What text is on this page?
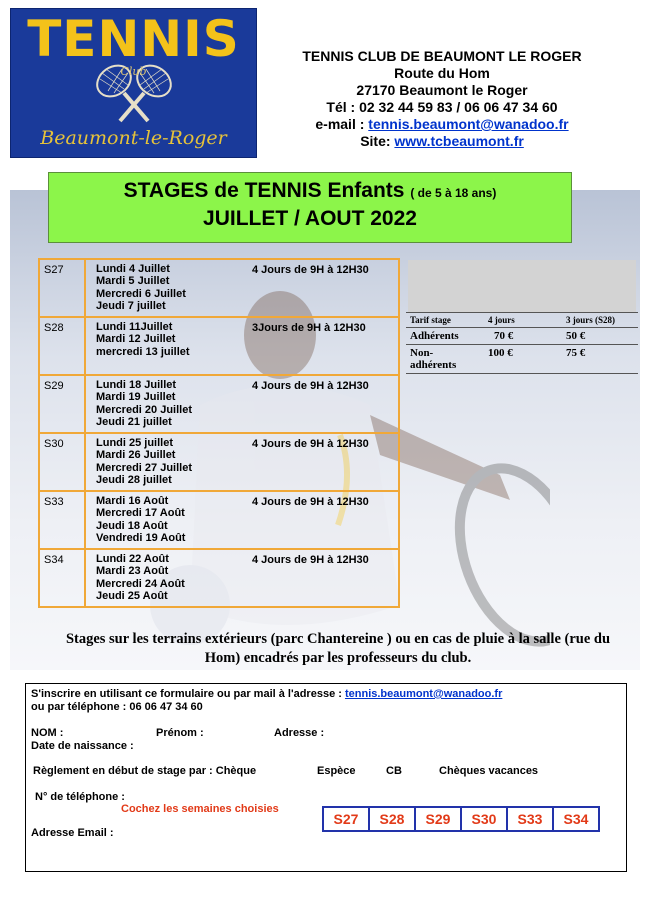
TENNIS
Club
Beaumont-le-Roger
TENNIS CLUB DE BEAUMONT LE ROGER
Route du Hom
27170 Beaumont le Roger
Tél : 02 32 44 59 83 / 06 06 47 34 60
e-mail : tennis.beaumont@wanadoo.fr
Site: www.tcbeaumont.fr
STAGES de TENNIS Enfants ( de 5 à 18 ans)
JUILLET / AOUT 2022
S27	Lundi 4 Juillet
Mardi 5 Juillet
Mercredi 6 Juillet
Jeudi 7 juillet	4 Jours de 9H à 12H30
S28	Lundi 11Juillet
Mardi 12 Juillet
mercredi 13 juillet	3Jours de 9H à 12H30
S29	Lundi 18 Juillet
Mardi 19 Juillet
Mercredi 20 Juillet
Jeudi 21 juillet	4 Jours de 9H à 12H30
S30	Lundi 25 juillet
Mardi 26 Juillet
Mercredi 27 Juillet
Jeudi 28 juillet	4 Jours de 9H à 12H30
S33	Mardi 16 Août
Mercredi 17 Août
Jeudi 18 Août
Vendredi 19 Août	4 Jours de 9H à 12H30
S34	Lundi 22 Août
Mardi 23 Août
Mercredi 24 Août
Jeudi 25 Août	4 Jours de 9H à 12H30
Tarif stage	4 jours	3 jours (S28)
Adhérents	70 €	50 €
Non-
adhérents	100 €	75 €
Stages sur les terrains extérieurs (parc Chantereine ) ou en cas de pluie à la salle (rue du Hom) encadrés par les professeurs du club.
S'inscrire en utilisant ce formulaire ou par mail à l'adresse : tennis.beaumont@wanadoo.fr
ou par téléphone : 06 06 47 34 60
NOM :	Prénom :	Adresse :
Date de naissance :
Règlement en début de stage par : Chèque	Espèce	CB	Chèques vacances
N° de téléphone :
Cochez les semaines choisies
Adresse Email :
S27	S28	S29	S30	S33	S34
